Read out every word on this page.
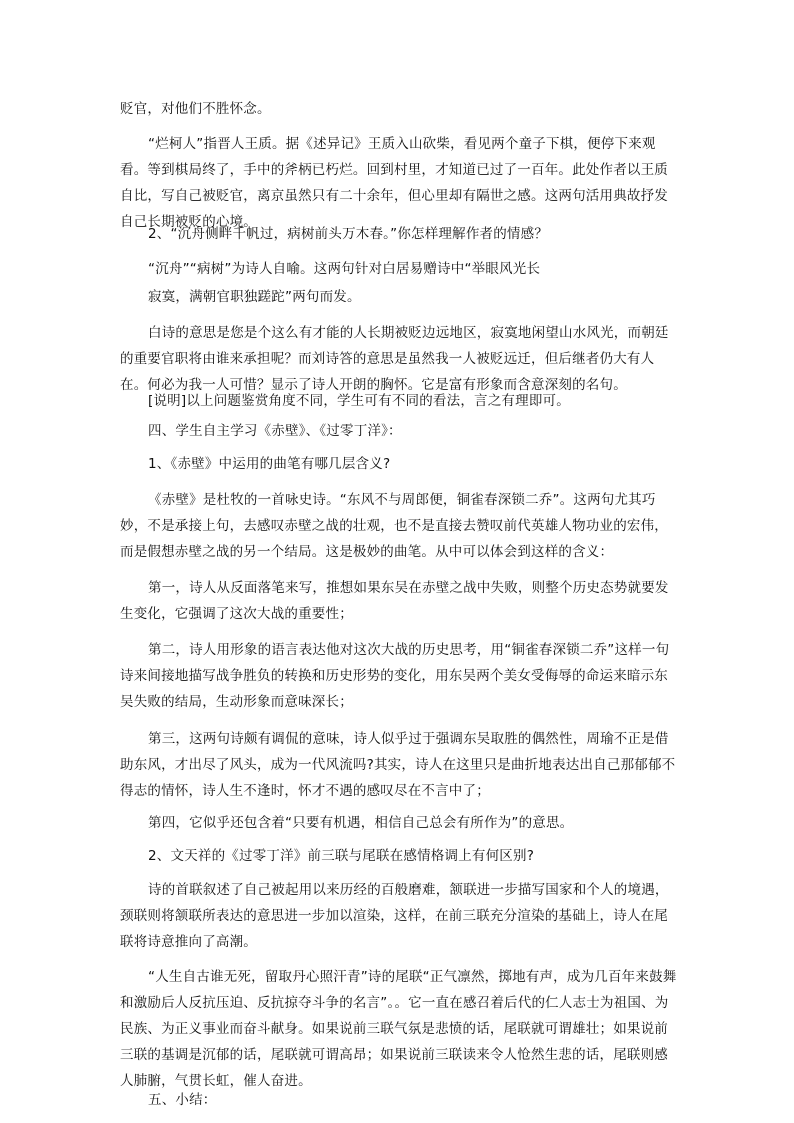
贬官，对他们不胜怀念。

“烂柯人”指晋人王质。据《述异记》王质入山砍柴，看见两个童子下棋，便停下来观看。等到棋局终了，手中的斧柄已朽烂。回到村里，才知道已过了一百年。此处作者以王质自比，写自己被贬官，离京虽然只有二十余年，但心里却有隔世之感。这两句活用典故抒发自己长期被贬的心境。

2、“沉舟侧畔千帆过，病树前头万木春。”你怎样理解作者的情感？

“沉舟”“病树”为诗人自喻。这两句针对白居易赠诗中“举眼风光长

寂寞，满朝官职独蹉跎”两句而发。

白诗的意思是您是个这么有才能的人长期被贬边远地区，寂寞地闲望山水风光，而朝廷的重要官职将由谁来承担呢？而刘诗答的意思是虽然我一人被贬远迁，但后继者仍大有人在。何必为我一人可惜？显示了诗人开朗的胸怀。它是富有形象而含意深刻的名句。

[说明]以上问题鉴赏角度不同，学生可有不同的看法，言之有理即可。

四、学生自主学习《赤壁》、《过零丁洋》：

1、《赤壁》中运用的曲笔有哪几层含义?

《赤壁》是杜牧的一首咏史诗。“东风不与周郎便，铜雀春深锁二乔”。这两句尤其巧妙，不是承接上句，去感叹赤壁之战的壮观，也不是直接去赞叹前代英雄人物功业的宏伟，而是假想赤壁之战的另一个结局。这是极妙的曲笔。从中可以体会到这样的含义：

第一，诗人从反面落笔来写，推想如果东吴在赤壁之战中失败，则整个历史态势就要发生变化，它强调了这次大战的重要性；

第二，诗人用形象的语言表达他对这次大战的历史思考，用“铜雀春深锁二乔”这样一句诗来间接地描写战争胜负的转换和历史形势的变化，用东吴两个美女受侮辱的命运来暗示东吴失败的结局，生动形象而意味深长；

第三，这两句诗颇有调侃的意味，诗人似乎过于强调东吴取胜的偶然性，周瑜不正是借助东风，才出尽了风头，成为一代风流吗?其实，诗人在这里只是曲折地表达出自己那郁郁不得志的情怀，诗人生不逢时，怀才不遇的感叹尽在不言中了；

第四，它似乎还包含着“只要有机遇，相信自己总会有所作为”的意思。

2、文天祥的《过零丁洋》前三联与尾联在感情格调上有何区别?

诗的首联叙述了自己被起用以来历经的百般磨难，颔联进一步描写国家和个人的境遇，颈联则将颔联所表达的意思进一步加以渲染，这样，在前三联充分渲染的基础上，诗人在尾联将诗意推向了高潮。

“人生自古谁无死，留取丹心照汗青”诗的尾联“正气凛然，掷地有声，成为几百年来鼓舞和激励后人反抗压迫、反抗掠夺斗争的名言”。。它一直在感召着后代的仁人志士为祖国、为民族、为正义事业而奋斗献身。如果说前三联气氛是悲愤的话，尾联就可谓雄壮；如果说前三联的基调是沉郁的话，尾联就可谓高昂；如果说前三联读来令人怆然生悲的话，尾联则感人肺腑，气贯长虹，催人奋进。

五、小结：
